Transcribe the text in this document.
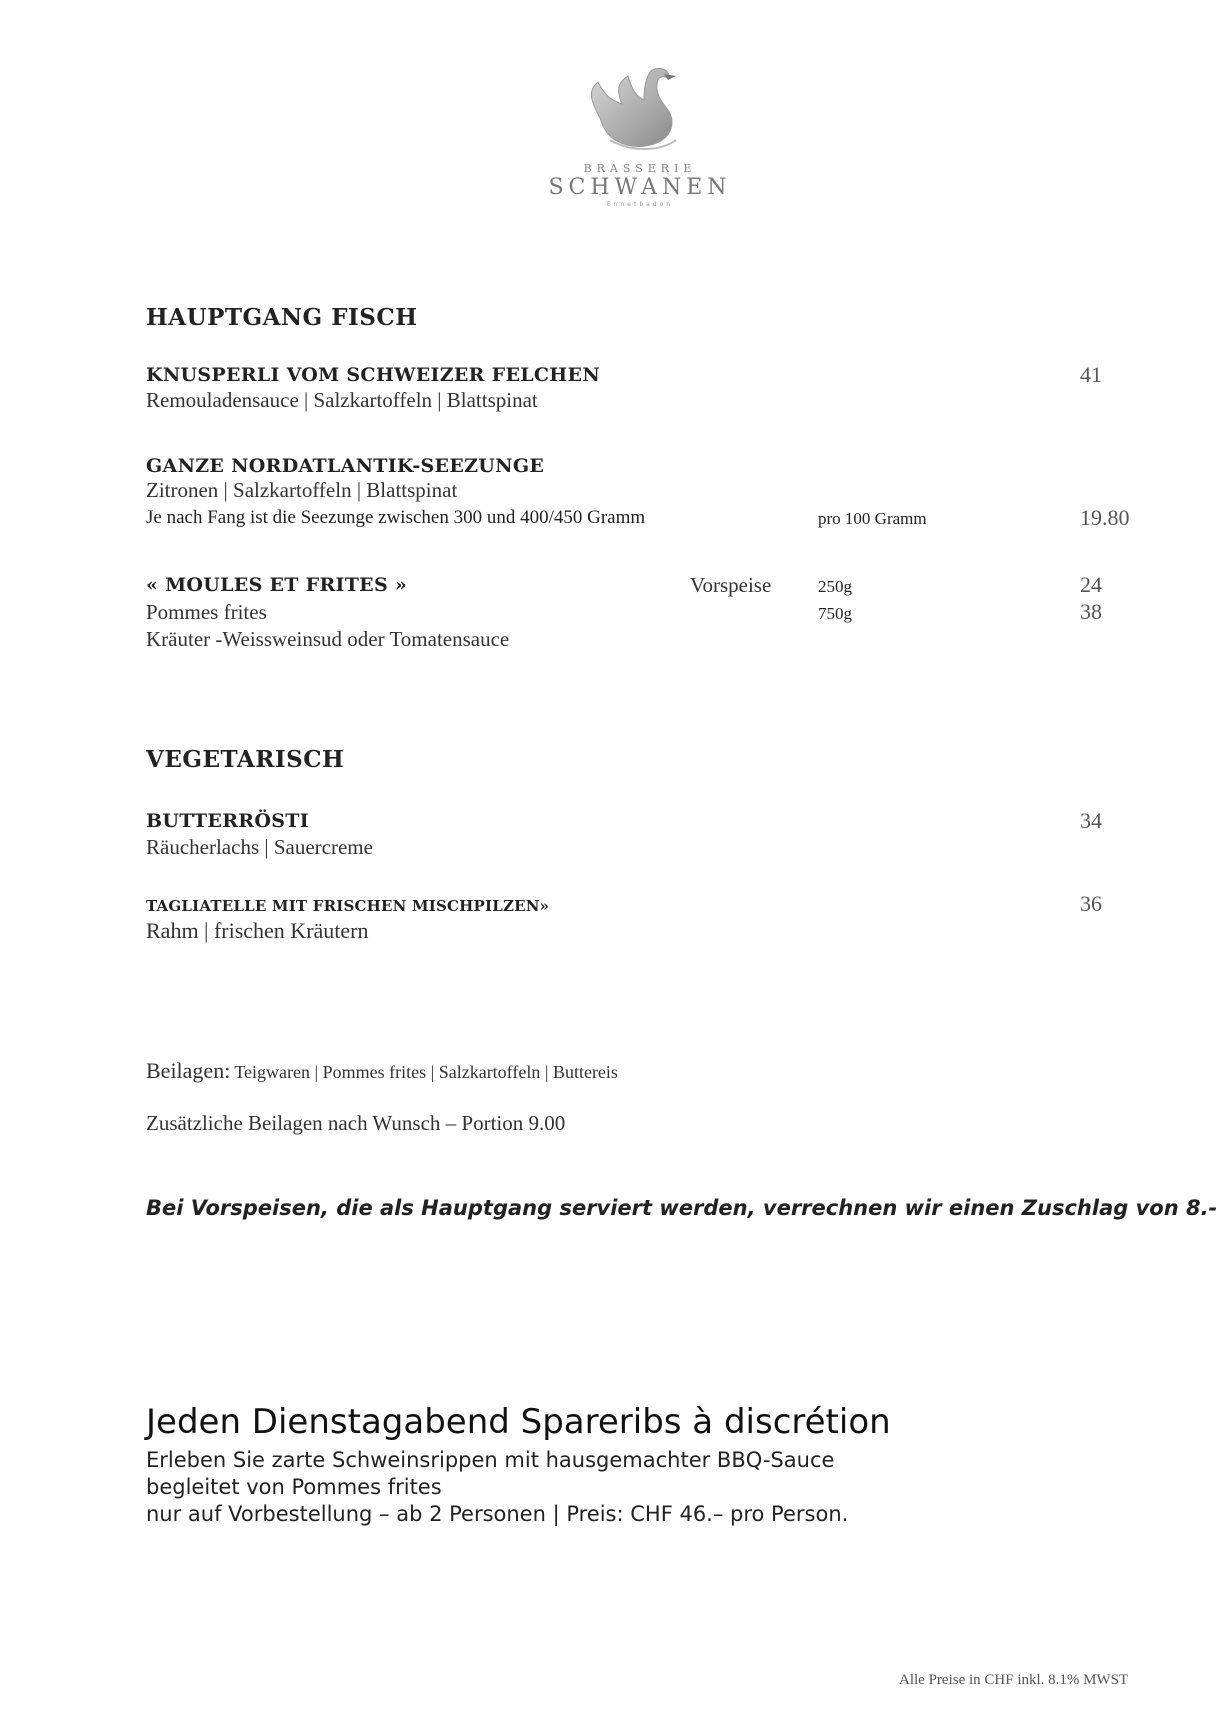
BRASSERIE
SCHWANEN
Ennetbaden
HAUPTGANG FISCH
KNUSPERLI VOM SCHWEIZER FELCHEN	41
Remouladensauce | Salzkartoffeln | Blattspinat
GANZE NORDATLANTIK-SEEZUNGE
Zitronen | Salzkartoffeln | Blattspinat
Je nach Fang ist die Seezunge zwischen 300 und 400/450 Gramm	pro 100 Gramm	19.80
« MOULES ET FRITES »	Vorspeise	250g	24
Pommes frites	750g	38
Kräuter -Weissweinsud oder Tomatensauce
VEGETARISCH
BUTTERRÖSTI	34
Räucherlachs | Sauercreme
TAGLIATELLE MIT FRISCHEN MISCHPILZEN»	36
Rahm | frischen Kräutern
Beilagen: Teigwaren | Pommes frites | Salzkartoffeln | Buttereis
Zusätzliche Beilagen nach Wunsch – Portion 9.00
Bei Vorspeisen, die als Hauptgang serviert werden, verrechnen wir einen Zuschlag von 8.-
Jeden Dienstagabend Spareribs à discrétion
Erleben Sie zarte Schweinsrippen mit hausgemachter BBQ-Sauce
begleitet von Pommes frites
nur auf Vorbestellung – ab 2 Personen | Preis: CHF 46.– pro Person.
Alle Preise in CHF inkl. 8.1% MWST
